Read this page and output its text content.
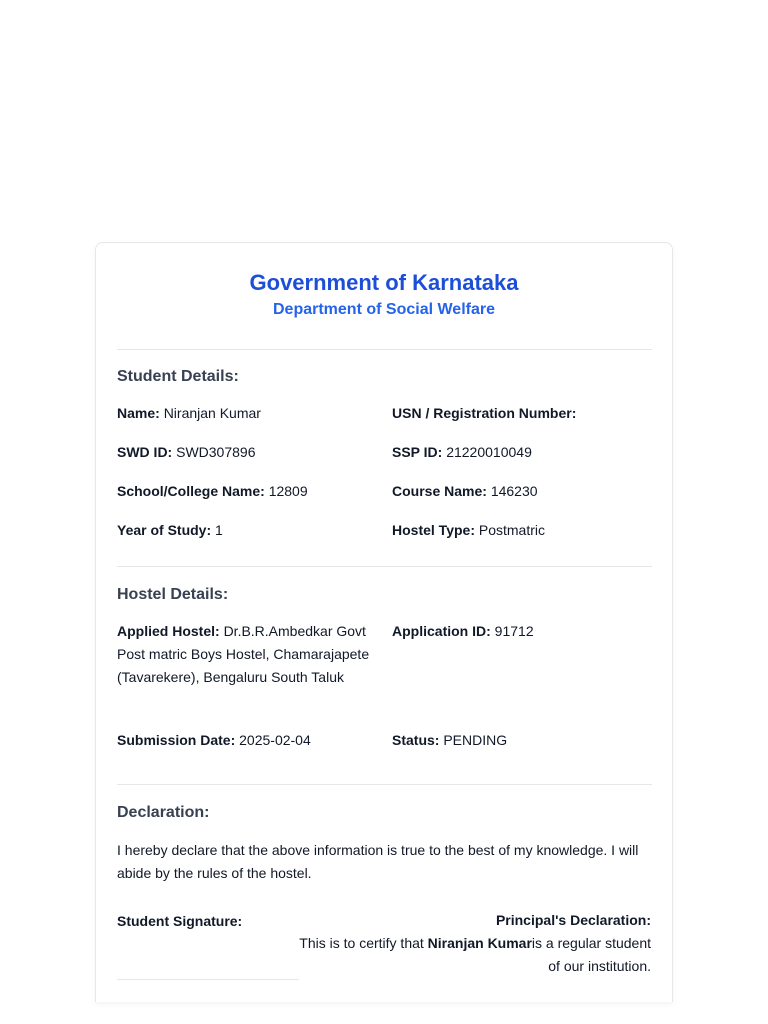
Government of Karnataka
Department of Social Welfare
Student Details:
Name: Niranjan Kumar	USN / Registration Number:
SWD ID: SWD307896	SSP ID: 21220010049
School/College Name: 12809	Course Name: 146230
Year of Study: 1	Hostel Type: Postmatric
Hostel Details:
Applied Hostel: Dr.B.R.Ambedkar Govt Post matric Boys Hostel, Chamarajapete (Tavarekere), Bengaluru South Taluk
Application ID: 91712
Submission Date: 2025-02-04	Status: PENDING
Declaration:
I hereby declare that the above information is true to the best of my knowledge. I will abide by the rules of the hostel.
Student Signature:	Principal's Declaration:
This is to certify that Niranjan Kumaris a regular student of our institution.
